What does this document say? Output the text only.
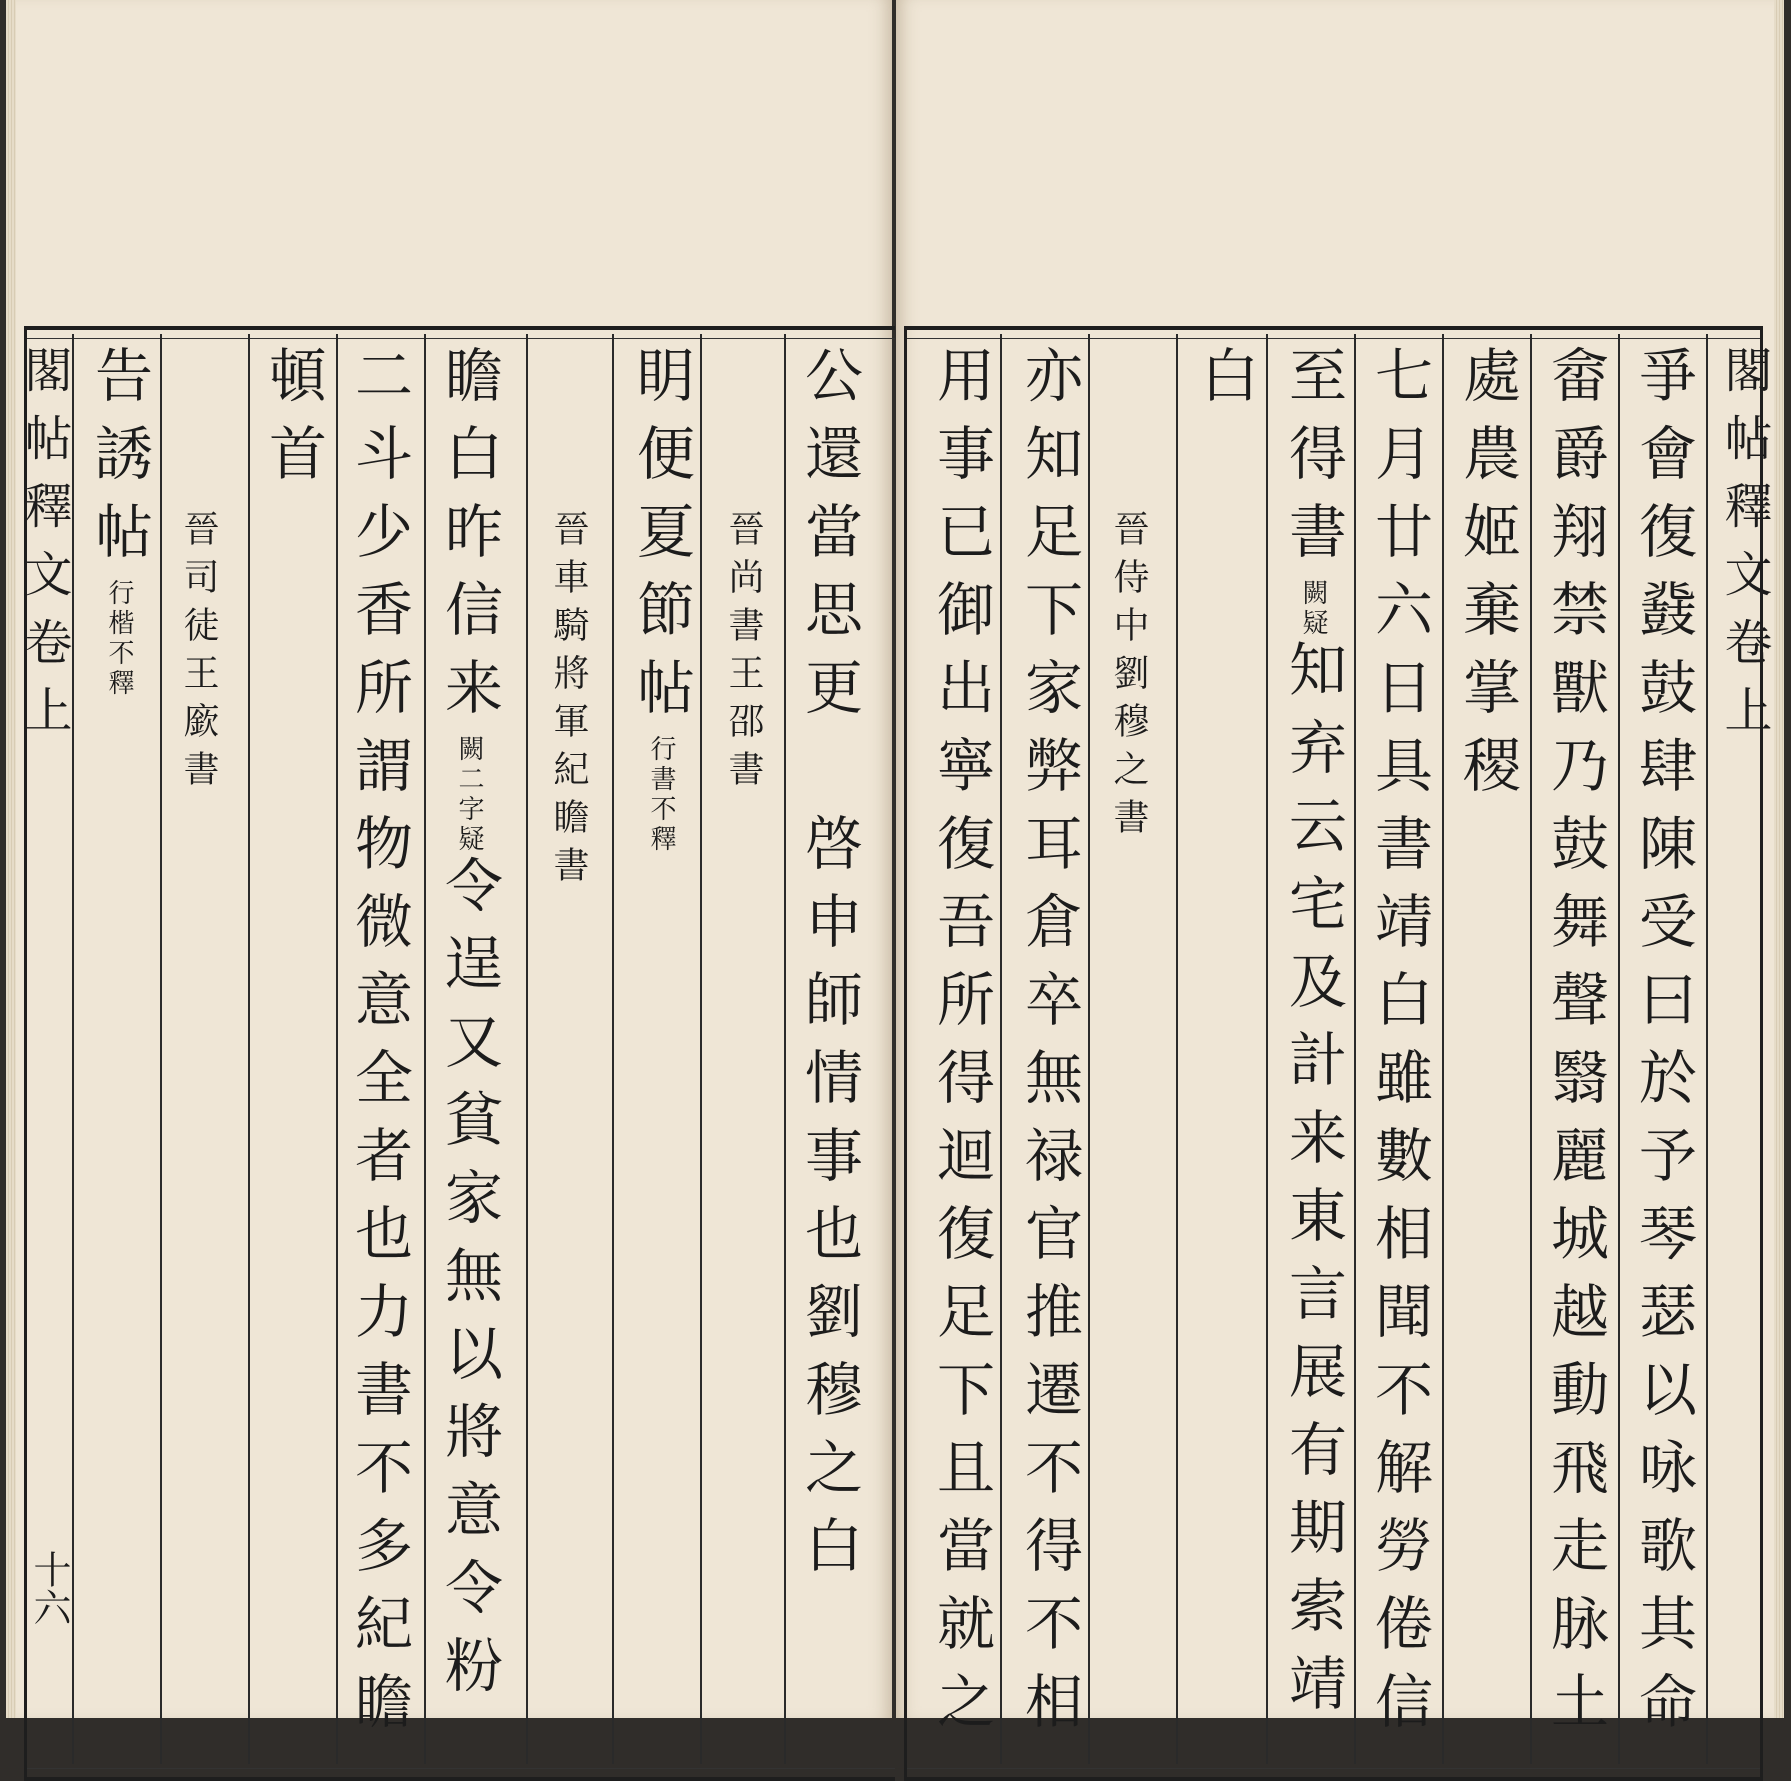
公還當思更　啓申師情事也劉穆之白
晉尚書王邵書
眀便夏節帖行書不釋
晉車騎將軍紀瞻書
瞻白昨信来闕二字疑令逞又貧家無以將意令粉
二斗少香所謂物微意全者也力書不多紀瞻
頓首
晉司徒王廞書
告誘帖行楷不釋
閣帖釋文卷上
十六
閣帖釋文卷上
爭會復鼗鼓肆陳受曰於予琴瑟以咏歌其命
畲爵翔禁獸乃鼓舞聲翳麗城越動飛走脉土
處農姬棄掌稷
七月廿六日具書靖白雖數相聞不解勞倦信
至得書闕疑知弃云宅及計来東言展有期索靖
白
晉侍中劉穆之書
亦知足下家弊耳倉卒無禄官推遷不得不相
用事已御出寧復吾所得迴復足下且當就之
